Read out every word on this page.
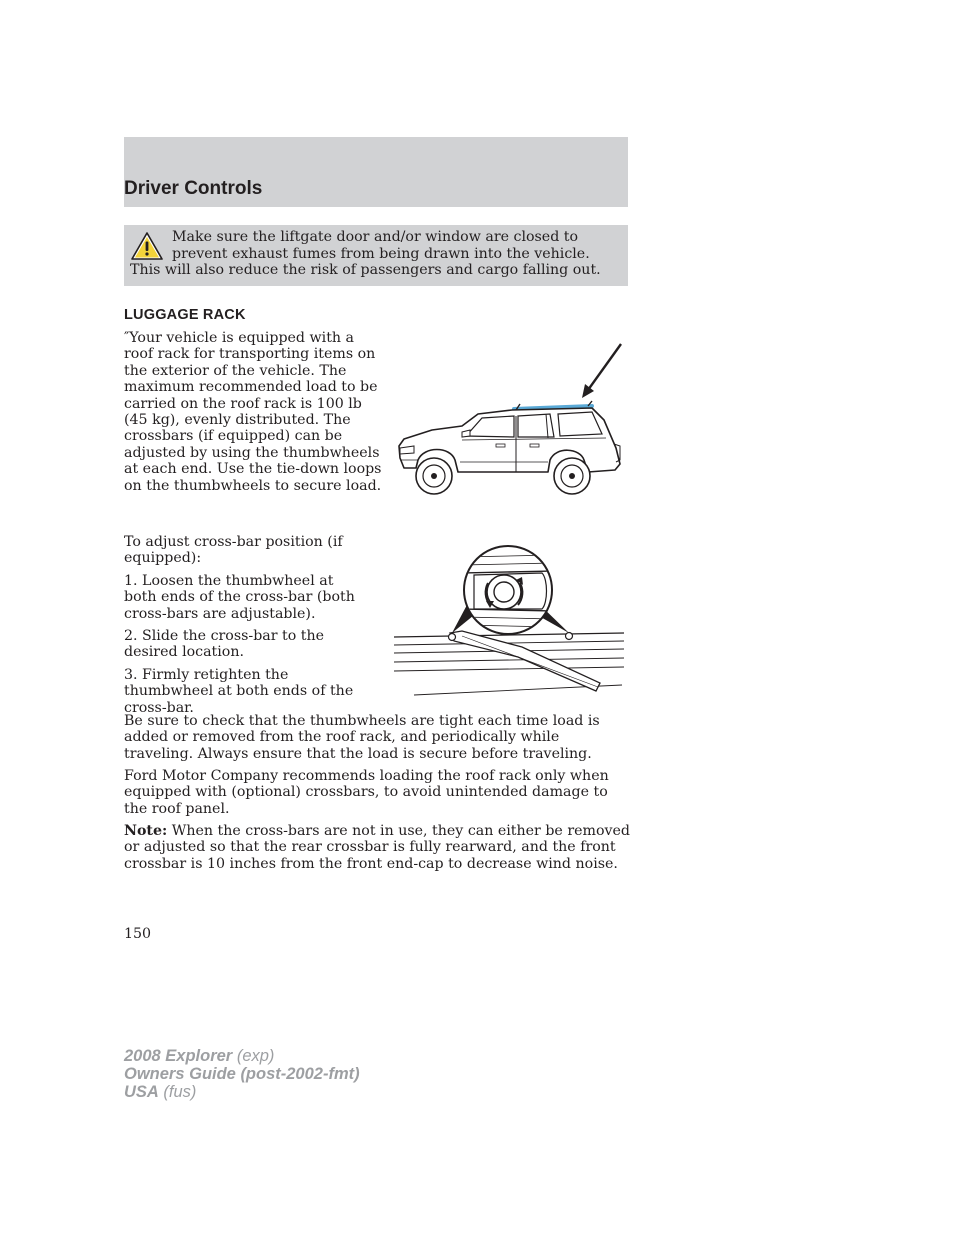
Driver Controls
Make sure the liftgate door and/or window are closed to prevent exhaust fumes from being drawn into the vehicle. This will also reduce the risk of passengers and cargo falling out.
LUGGAGE RACK

″Your vehicle is equipped with a roof rack for transporting items on the exterior of the vehicle. The maximum recommended load to be carried on the roof rack is 100 lb (45 kg), evenly distributed. The crossbars (if equipped) can be adjusted by using the thumbwheels at each end. Use the tie-down loops on the thumbwheels to secure load.

To adjust cross-bar position (if equipped):

1. Loosen the thumbwheel at both ends of the cross-bar (both cross-bars are adjustable).

2. Slide the cross-bar to the desired location.

3. Firmly retighten the thumbwheel at both ends of the cross-bar.

Be sure to check that the thumbwheels are tight each time load is added or removed from the roof rack, and periodically while traveling. Always ensure that the load is secure before traveling.

Ford Motor Company recommends loading the roof rack only when equipped with (optional) crossbars, to avoid unintended damage to the roof panel.

Note: When the cross-bars are not in use, they can either be removed or adjusted so that the rear crossbar is fully rearward, and the front crossbar is 10 inches from the front end-cap to decrease wind noise.

150
2008 Explorer (exp)
Owners Guide (post-2002-fmt)
USA (fus)
